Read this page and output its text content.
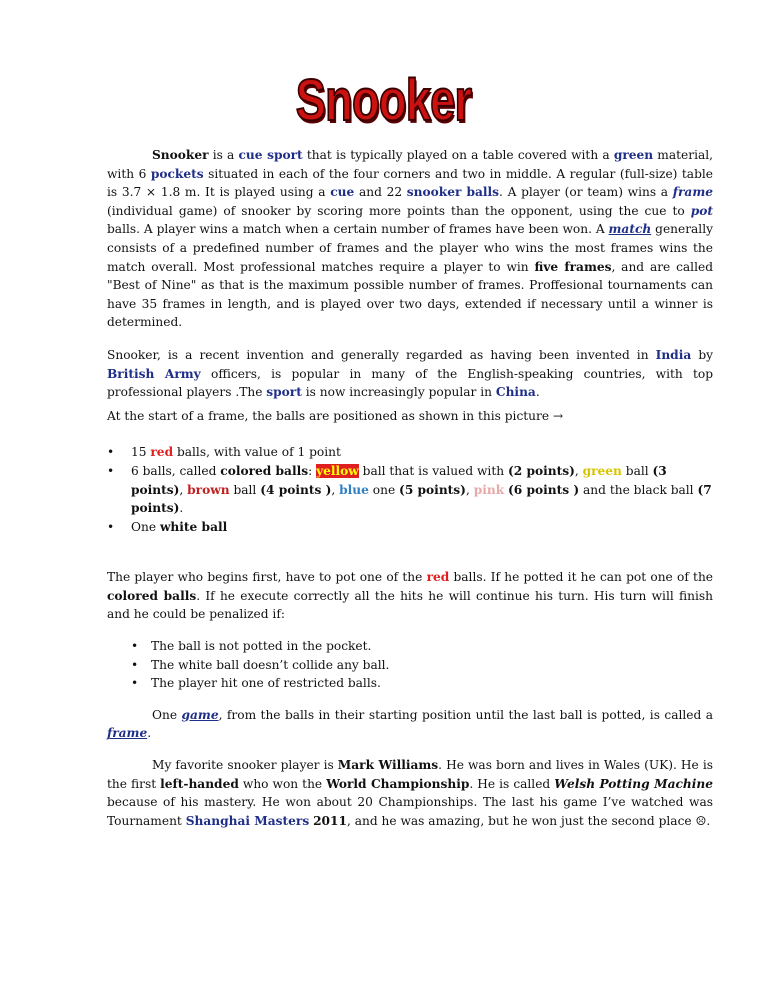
Snooker

Snooker is a cue sport that is typically played on a table covered with a green material, with 6 pockets situated in each of the four corners and two in middle. A regular (full-size) table is 3.7 × 1.8 m. It is played using a cue and 22 snooker balls. A player (or team) wins a frame (individual game) of snooker by scoring more points than the opponent, using the cue to pot balls. A player wins a match when a certain number of frames have been won. A match generally consists of a predefined number of frames and the player who wins the most frames wins the match overall. Most professional matches require a player to win five frames, and are called "Best of Nine" as that is the maximum possible number of frames. Proffesional tournaments can have 35 frames in length, and is played over two days, extended if necessary until a winner is determined.

Snooker, is a recent invention and generally regarded as having been invented in India by British Army officers, is popular in many of the English-speaking countries, with top professional players .The sport is now increasingly popular in China.

At the start of a frame, the balls are positioned as shown in this picture →

• 15 red balls, with value of 1 point
• 6 balls, called colored balls: yellow ball that is valued with (2 points), green ball (3 points), brown ball (4 points ), blue one (5 points), pink (6 points ) and the black ball (7 points).
• One white ball

The player who begins first, have to pot one of the red balls. If he potted it he can pot one of the colored balls. If he execute correctly all the hits he will continue his turn. His turn will finish and he could be penalized if:

• The ball is not potted in the pocket.
• The white ball doesn’t collide any ball.
• The player hit one of restricted balls.

One game, from the balls in their starting position until the last ball is potted, is called a frame.

My favorite snooker player is Mark Williams. He was born and lives in Wales (UK). He is the first left-handed who won the World Championship. He is called Welsh Potting Machine because of his mastery. He won about 20 Championships. The last his game I’ve watched was Tournament Shanghai Masters 2011, and he was amazing, but he won just the second place ☹.
